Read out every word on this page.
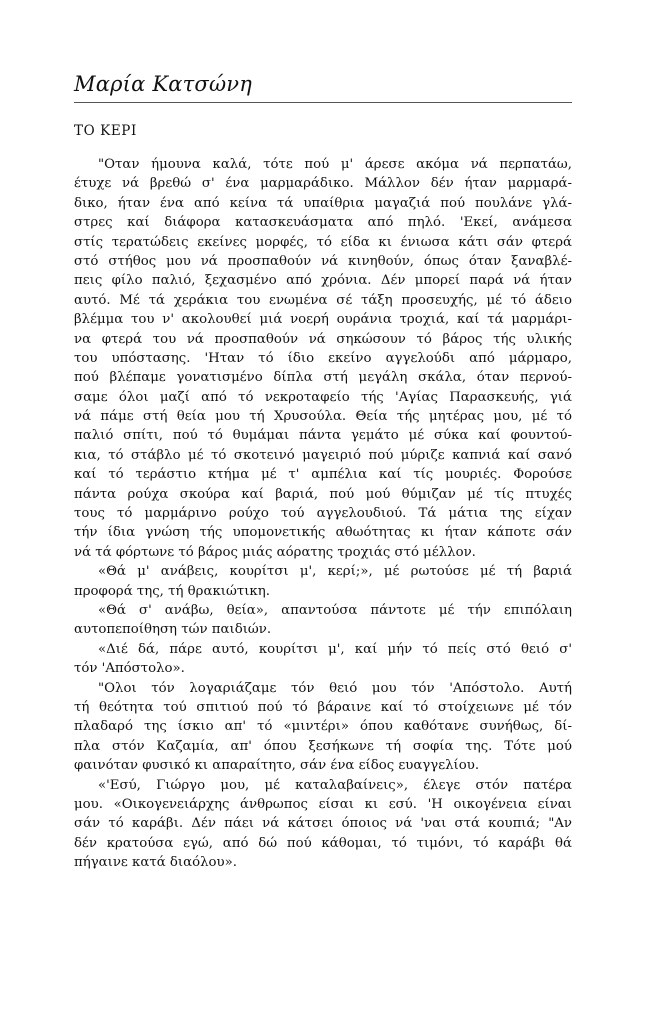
Μαρία Κατσώνη
ΤΟ ΚΕΡΙ
"Οταν ήμουνα καλά, τότε πού μ' άρεσε ακόμα νά περπατάω,
έτυχε νά βρεθώ σ' ένα μαρμαράδικο. Μάλλον δέν ήταν μαρμαρά-
δικο, ήταν ένα από κείνα τά υπαίθρια μαγαζιά πού πουλάνε γλά-
στρες καί διάφορα κατασκευάσματα από πηλό. 'Εκεί, ανάμεσα
στίς τερατώδεις εκείνες μορφές, τό είδα κι ένιωσα κάτι σάν φτερά
στό στήθος μου νά προσπαθούν νά κινηθούν, όπως όταν ξαναβλέ-
πεις φίλο παλιό, ξεχασμένο από χρόνια. Δέν μπορεί παρά νά ήταν
αυτό. Μέ τά χεράκια του ενωμένα σέ τάξη προσευχής, μέ τό άδειο
βλέμμα του ν' ακολουθεί μιά νοερή ουράνια τροχιά, καί τά μαρμάρι-
να φτερά του νά προσπαθούν νά σηκώσουν τό βάρος τής υλικής
του υπόστασης. 'Ηταν τό ίδιο εκείνο αγγελούδι από μάρμαρο,
πού βλέπαμε γονατισμένο δίπλα στή μεγάλη σκάλα, όταν περνού-
σαμε όλοι μαζί από τό νεκροταφείο τής 'Αγίας Παρασκευής, γιά
νά πάμε στή θεία μου τή Χρυσούλα. Θεία τής μητέρας μου, μέ τό
παλιό σπίτι, πού τό θυμάμαι πάντα γεμάτο μέ σύκα καί φουντού-
κια, τό στάβλο μέ τό σκοτεινό μαγειριό πού μύριζε καπνιά καί σανό
καί τό τεράστιο κτήμα μέ τ' αμπέλια καί τίς μουριές. Φορούσε
πάντα ρούχα σκούρα καί βαριά, πού μού θύμιζαν μέ τίς πτυχές
τους τό μαρμάρινο ρούχο τού αγγελουδιού. Τά μάτια της είχαν
τήν ίδια γνώση τής υπομονετικής αθωότητας κι ήταν κάποτε σάν
νά τά φόρτωνε τό βάρος μιάς αόρατης τροχιάς στό μέλλον.
«Θά μ' ανάβεις, κουρίτσι μ', κερί;», μέ ρωτούσε μέ τή βαριά
προφορά της, τή θρακιώτικη.
«Θά σ' ανάβω, θεία», απαντούσα πάντοτε μέ τήν επιπόλαιη
αυτοπεποίθηση τών παιδιών.
«Διέ δά, πάρε αυτό, κουρίτσι μ', καί μήν τό πείς στό θειό σ'
τόν 'Απόστολο».
"Ολοι τόν λογαριάζαμε τόν θειό μου τόν 'Απόστολο. Αυτή
τή θεότητα τού σπιτιού πού τό βάραινε καί τό στοίχειωνε μέ τόν
πλαδαρό της ίσκιο απ' τό «μιντέρι» όπου καθότανε συνήθως, δί-
πλα στόν Καζαμία, απ' όπου ξεσήκωνε τή σοφία της. Τότε μού
φαινόταν φυσικό κι απαραίτητο, σάν ένα είδος ευαγγελίου.
«'Εσύ, Γιώργο μου, μέ καταλαβαίνεις», έλεγε στόν πατέρα
μου. «Οικογενειάρχης άνθρωπος είσαι κι εσύ. 'Η οικογένεια είναι
σάν τό καράβι. Δέν πάει νά κάτσει όποιος νά 'ναι στά κουπιά; "Αν
δέν κρατούσα εγώ, από δώ πού κάθομαι, τό τιμόνι, τό καράβι θά
πήγαινε κατά διαόλου».
